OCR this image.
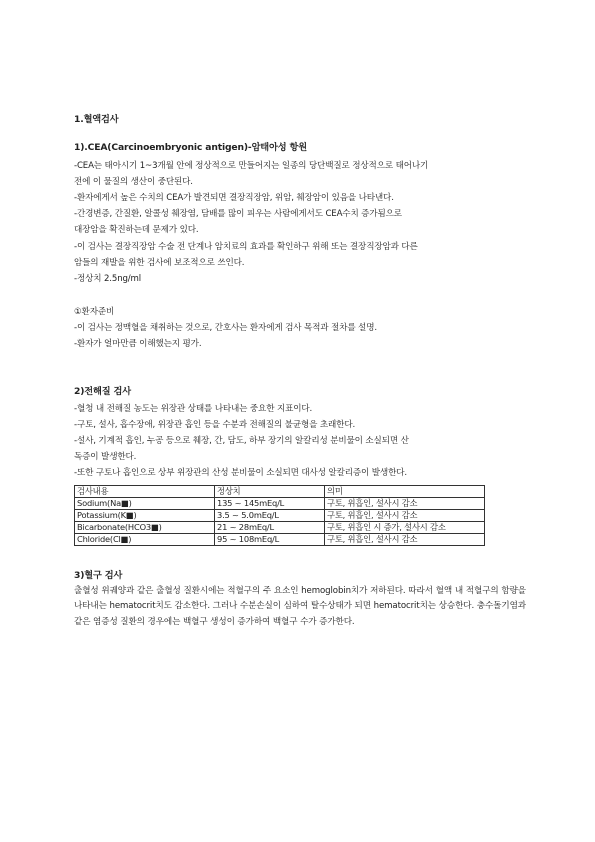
1.혈액검사
1).CEA(Carcinoembryonic antigen)-암태아성 항원
-CEA는 태아시기 1~3개월 안에 정상적으로 만들어지는 일종의 당단백질로 정상적으로 태어나기
전에 이 물질의 생산이 중단된다.
-환자에게서 높은 수치의 CEA가 발견되면 결장직장암, 위암, 췌장암이 있음을 나타낸다.
-간경변증, 간질환, 알콜성 췌장염, 담배를 많이 피우는 사람에게서도 CEA수치 증가됨으로
대장암을 확진하는데 문제가 있다.
-이 검사는 결장직장암 수술 전 단계나 암치료의 효과를 확인하구 위해 또는 결장직장암과 다른
암들의 재발을 위한 검사에 보조적으로 쓰인다.
-정상치 2.5ng/ml
①환자준비
-이 검사는 정맥혈을 채취하는 것으로, 간호사는 환자에게 검사 목적과 절차를 설명.
-환자가 얼마만큼 이해했는지 평가.
2)전해질 검사
-혈청 내 전해질 농도는 위장관 상태를 나타내는 중요한 지표이다.
-구토, 설사, 흡수장애, 위장관 흡인 등을 수분과 전해질의 불균형을 초래한다.
-설사, 기계적 흡인, 누공 등으로 췌장, 간, 담도, 하부 장기의 알칼리성 분비물이 소실되면 산
독증이 발생한다.
-또한 구토나 흡인으로 상부 위장관의 산성 분비물이 소실되면 대사성 알칼리증이 발생한다.
검사내용	정상치	의미
Sodium(Na■)	135 ~ 145mEq/L	구토, 위흡인, 설사시 감소
Potassium(K■)	3.5 ~ 5.0mEq/L	구토, 위흡인, 설사시 감소
Bicarbonate(HCO3■)	21 ~ 28mEq/L	구토, 위흡인 시 증가, 설사시 감소
Chloride(Cl■)	95 ~ 108mEq/L	구토, 위흡인, 설사시 감소
3)혈구 검사
출혈성 위궤양과 같은 출혈성 질환시에는 적혈구의 주 요소인 hemoglobin치가 저하된다. 따라서 혈액 내 적혈구의 함량을 나타내는 hematocrit치도 감소한다. 그러나 수분손실이 심하여 탈수상태가 되면 hematocrit치는 상승한다. 충수돌기염과 같은 염증성 질환의 경우에는 백혈구 생성이 증가하여 백혈구 수가 증가한다.
